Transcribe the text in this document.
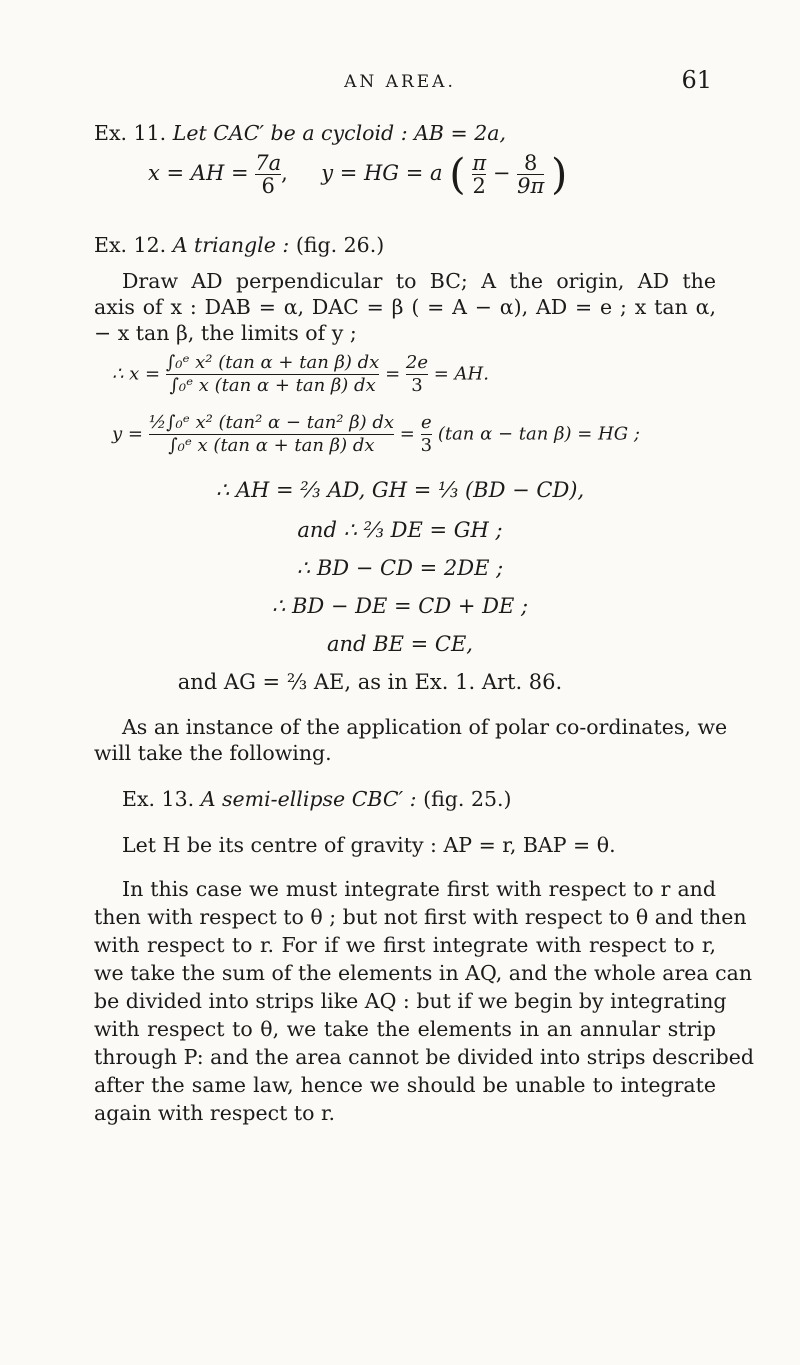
AN AREA.	61
Ex. 11. Let CAC′ be a cycloid : AB = 2a,
x = AH = $\frac{7a}{6}$ ,     y = HG = a ( $\frac{\pi}{2} - \frac{8}{9\pi}$ )
Ex. 12. A triangle : (fig. 26.)
Draw AD perpendicular to BC; A the origin, AD the
axis of x : DAB = α, DAC = β ( = A − α), AD = e ; x tan α,
− x tan β, the limits of y ;
∴ $x = \frac{\text{∫₀ᵉ x² (tan α + tan β) dx}}{\text{∫₀ᵉ x (tan α + tan β) dx}} = \frac{2e}{3}$ = AH.
$y = \frac{\text{½∫₀ᵉ x² (tan² α − tan² β) dx}}{\text{∫₀ᵉ x (tan α + tan β) dx}} = \frac{e}{3} (\tan$ α − tan β) = HG ;
∴ AH = ⅔ AD, GH = ⅓ (BD − CD),
and ∴ ⅔ DE = GH ;
∴ BD − CD = 2DE ;
∴ BD − DE = CD + DE ;
and BE = CE,
and AG = ⅔ AE, as in Ex. 1. Art. 86.
As an instance of the application of polar co-ordinates, we
will take the following.
Ex. 13. A semi-ellipse CBC′ : (fig. 25.)
Let H be its centre of gravity : AP = r, BAP = θ.
In this case we must integrate first with respect to r and
then with respect to θ ; but not first with respect to θ and then
with respect to r. For if we first integrate with respect to r,
we take the sum of the elements in AQ, and the whole area can
be divided into strips like AQ : but if we begin by integrating
with respect to θ, we take the elements in an annular strip
through P: and the area cannot be divided into strips described
after the same law, hence we should be unable to integrate
again with respect to r.
